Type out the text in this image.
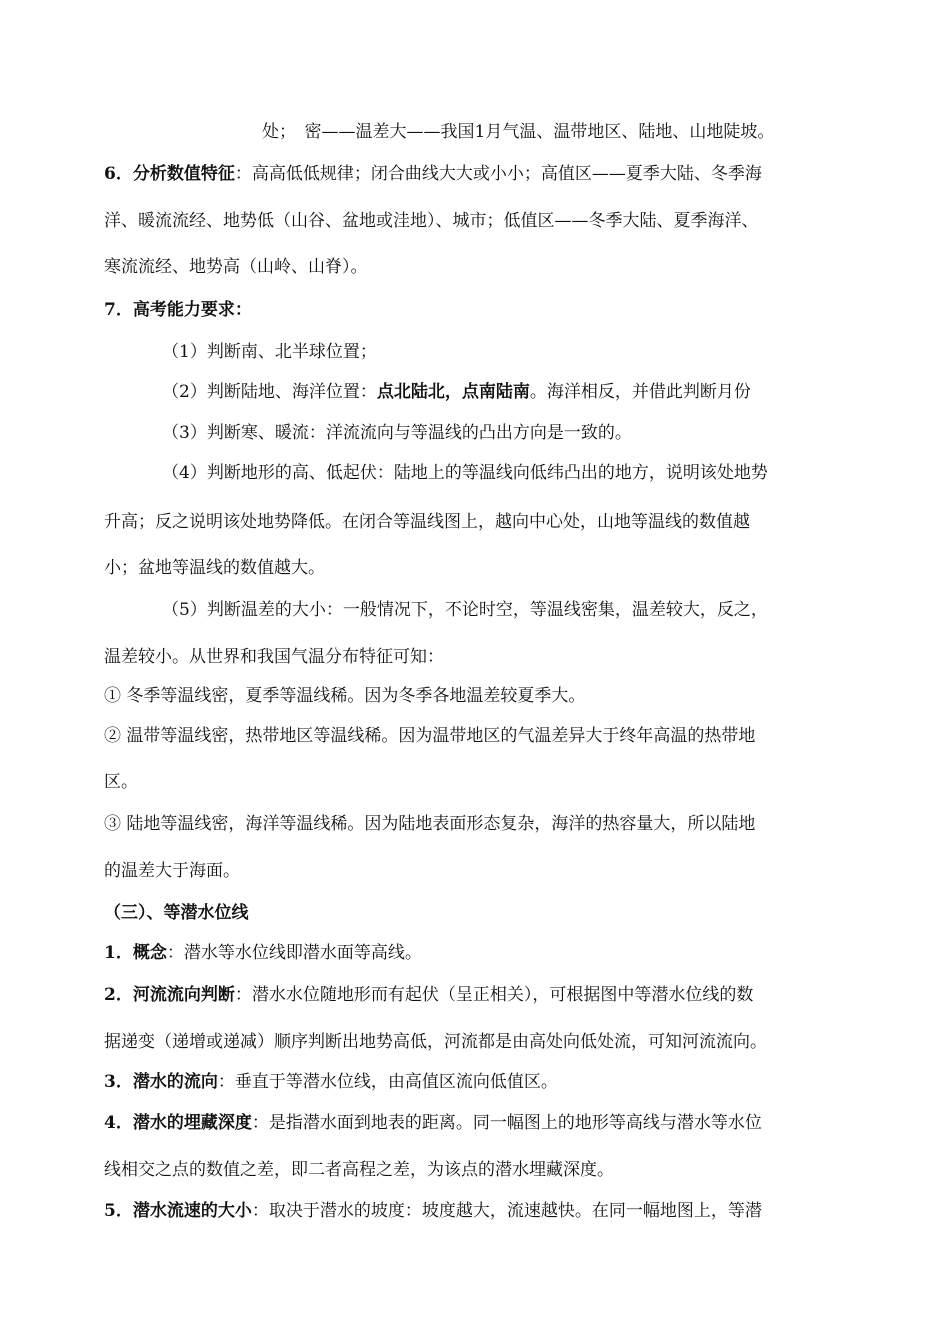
处；　密——温差大——我国1月气温、温带地区、陆地、山地陡坡。
6．分析数值特征：高高低低规律；闭合曲线大大或小小；高值区——夏季大陆、冬季海
洋、暖流流经、地势低（山谷、盆地或洼地）、城市；低值区——冬季大陆、夏季海洋、
寒流流经、地势高（山岭、山脊）。
7．高考能力要求：
（1）判断南、北半球位置；
（2）判断陆地、海洋位置：点北陆北，点南陆南。海洋相反，并借此判断月份
（3）判断寒、暖流：洋流流向与等温线的凸出方向是一致的。
（4）判断地形的高、低起伏：陆地上的等温线向低纬凸出的地方，说明该处地势
升高；反之说明该处地势降低。在闭合等温线图上，越向中心处，山地等温线的数值越
小；盆地等温线的数值越大。
（5）判断温差的大小：一般情况下，不论时空，等温线密集，温差较大，反之，
温差较小。从世界和我国气温分布特征可知：
① 冬季等温线密，夏季等温线稀。因为冬季各地温差较夏季大。
② 温带等温线密，热带地区等温线稀。因为温带地区的气温差异大于终年高温的热带地
区。
③ 陆地等温线密，海洋等温线稀。因为陆地表面形态复杂，海洋的热容量大，所以陆地
的温差大于海面。
（三）、等潜水位线
1．概念：潜水等水位线即潜水面等高线。
2．河流流向判断：潜水水位随地形而有起伏（呈正相关），可根据图中等潜水位线的数
据递变（递增或递减）顺序判断出地势高低，河流都是由高处向低处流，可知河流流向。
3．潜水的流向：垂直于等潜水位线，由高值区流向低值区。
4．潜水的埋藏深度：是指潜水面到地表的距离。同一幅图上的地形等高线与潜水等水位
线相交之点的数值之差，即二者高程之差，为该点的潜水埋藏深度。
5．潜水流速的大小：取决于潜水的坡度：坡度越大，流速越快。在同一幅地图上，等潜
